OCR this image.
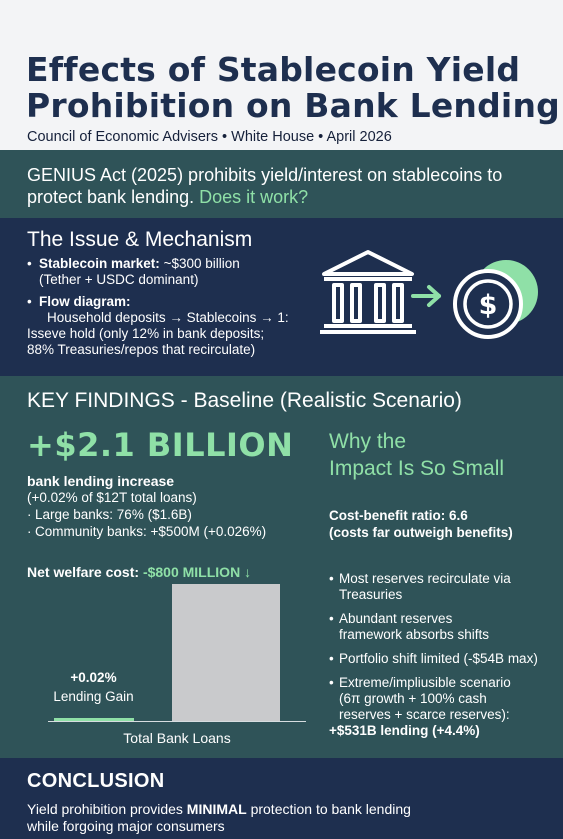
Effects of Stablecoin Yield
Prohibition on Bank Lending
Council of Economic Advisers • White House • April 2026
GENIUS Act (2025) prohibits yield/interest on stablecoins to protect bank lending. Does it work?
The Issue & Mechanism
• Stablecoin market: ~$300 billion
(Tether + USDC dominant)
• Flow diagram:
Household deposits → Stablecoins → 1:
Isseve hold (only 12% in bank deposits;
88% Treasuries/repos that recirculate)
$
KEY FINDINGS - Baseline (Realistic Scenario)
+$2.1 BILLION
bank lending increase
(+0.02% of $12T total loans)
· Large banks: 76% ($1.6B)
· Community banks: +$500M (+0.026%)
Net welfare cost: -$800 MILLION ↓
+0.02%
Lending Gain
Total Bank Loans
Why the
Impact Is So Small
Cost-benefit ratio: 6.6
(costs far outweigh benefits)
• Most reserves recirculate via
Treasuries
• Abundant reserves
framework absorbs shifts
• Portfolio shift limited (-$54B max)
• Extreme/impliusible scenario
(6π growth + 100% cash
reserves + scarce reserves):
+$531B lending (+4.4%)
CONCLUSION
Yield prohibition provides MINIMAL protection to bank lending
while forgoing major consumers
